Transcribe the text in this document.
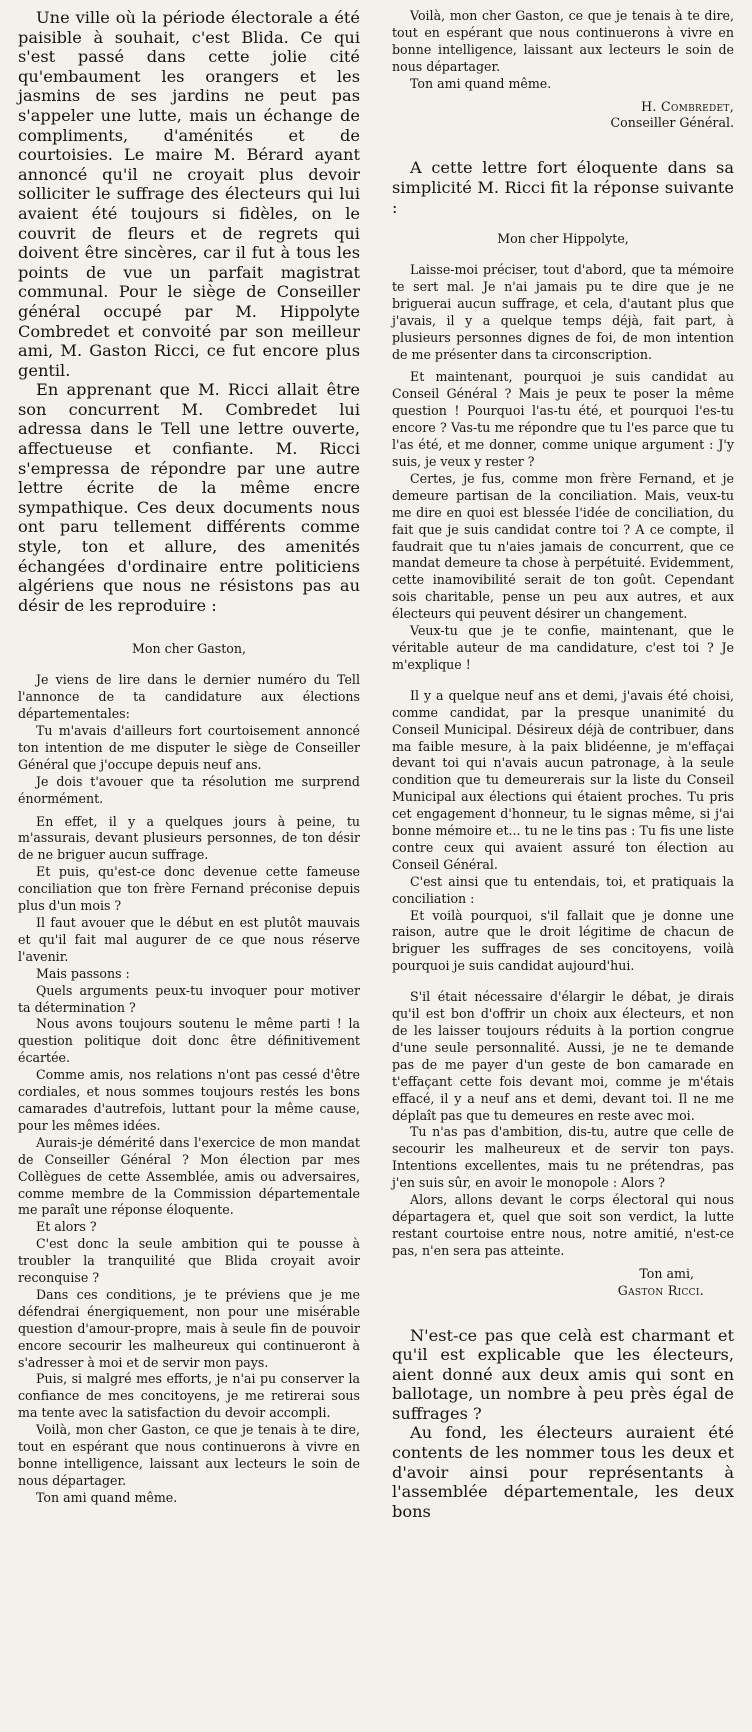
Une ville où la période électorale a été paisible à souhait, c'est Blida. Ce qui s'est passé dans cette jolie cité qu'embaument les orangers et les jasmins de ses jardins ne peut pas s'appeler une lutte, mais un échange de compliments, d'aménités et de courtoisies. Le maire M. Bérard ayant annoncé qu'il ne croyait plus devoir solliciter le suffrage des électeurs qui lui avaient été toujours si fidèles, on le couvrit de fleurs et de regrets qui doivent être sincères, car il fut à tous les points de vue un parfait magistrat communal. Pour le siège de Conseiller général occupé par M. Hippolyte Combredet et convoité par son meilleur ami, M. Gaston Ricci, ce fut encore plus gentil.

En apprenant que M. Ricci allait être son concurrent M. Combredet lui adressa dans le Tell une lettre ouverte, affectueuse et confiante. M. Ricci s'empressa de répondre par une autre lettre écrite de la même encre sympathique. Ces deux documents nous ont paru tellement différents comme style, ton et allure, des amenités échangées d'ordinaire entre politiciens algériens que nous ne résistons pas au désir de les reproduire :

Mon cher Gaston,

Je viens de lire dans le dernier numéro du Tell l'annonce de ta candidature aux élections départementales:

Tu m'avais d'ailleurs fort courtoisement annoncé ton intention de me disputer le siège de Conseiller Général que j'occupe depuis neuf ans.

Je dois t'avouer que ta résolution me surprend énormément.

En effet, il y a quelques jours à peine, tu m'assurais, devant plusieurs personnes, de ton désir de ne briguer aucun suffrage.

Et puis, qu'est-ce donc devenue cette fameuse conciliation que ton frère Fernand préconise depuis plus d'un mois ?

Il faut avouer que le début en est plutôt mauvais et qu'il fait mal augurer de ce que nous réserve l'avenir.

Mais passons :

Quels arguments peux-tu invoquer pour motiver ta détermination ?

Nous avons toujours soutenu le même parti ! la question politique doit donc être définitivement écartée.

Comme amis, nos relations n'ont pas cessé d'être cordiales, et nous sommes toujours restés les bons camarades d'autrefois, luttant pour la même cause, pour les mêmes idées.

Aurais-je démérité dans l'exercice de mon mandat de Conseiller Général ? Mon élection par mes Collègues de cette Assemblée, amis ou adversaires, comme membre de la Commission départementale me paraît une réponse éloquente.

Et alors ?

C'est donc la seule ambition qui te pousse à troubler la tranquilité que Blida croyait avoir reconquise ?

Dans ces conditions, je te préviens que je me défendrai énergiquement, non pour une misérable question d'amour-propre, mais à seule fin de pouvoir encore secourir les malheureux qui continueront à s'adresser à moi et de servir mon pays.

Puis, si malgré mes efforts, je n'ai pu conserver la confiance de mes concitoyens, je me retirerai sous ma tente avec la satisfaction du devoir accompli.

Voilà, mon cher Gaston, ce que je tenais à te dire, tout en espérant que nous continuerons à vivre en bonne intelligence, laissant aux lecteurs le soin de nous départager.

Ton ami quand même.

Voilà, mon cher Gaston, ce que je tenais à te dire, tout en espérant que nous continuerons à vivre en bonne intelligence, laissant aux lecteurs le soin de nous départager.

Ton ami quand même.

H. Combredet,

Conseiller Général.

A cette lettre fort éloquente dans sa simplicité M. Ricci fit la réponse suivante :

Mon cher Hippolyte,

Laisse-moi préciser, tout d'abord, que ta mémoire te sert mal. Je n'ai jamais pu te dire que je ne briguerai aucun suffrage, et cela, d'autant plus que j'avais, il y a quelque temps déjà, fait part, à plusieurs personnes dignes de foi, de mon intention de me présenter dans ta circonscription.

Et maintenant, pourquoi je suis candidat au Conseil Général ? Mais je peux te poser la même question ! Pourquoi l'as-tu été, et pourquoi l'es-tu encore ? Vas-tu me répondre que tu l'es parce que tu l'as été, et me donner, comme unique argument : J'y suis, je veux y rester ?

Certes, je fus, comme mon frère Fernand, et je demeure partisan de la conciliation. Mais, veux-tu me dire en quoi est blessée l'idée de conciliation, du fait que je suis candidat contre toi ? A ce compte, il faudrait que tu n'aies jamais de concurrent, que ce mandat demeure ta chose à perpétuité. Evidemment, cette inamovibilité serait de ton goût. Cependant sois charitable, pense un peu aux autres, et aux électeurs qui peuvent désirer un changement.

Veux-tu que je te confie, maintenant, que le véritable auteur de ma candidature, c'est toi ? Je m'explique !

Il y a quelque neuf ans et demi, j'avais été choisi, comme candidat, par la presque unanimité du Conseil Municipal. Désireux déjà de contribuer, dans ma faible mesure, à la paix blidéenne, je m'effaçai devant toi qui n'avais aucun patronage, à la seule condition que tu demeurerais sur la liste du Conseil Municipal aux élections qui étaient proches. Tu pris cet engagement d'honneur, tu le signas même, si j'ai bonne mémoire et... tu ne le tins pas : Tu fis une liste contre ceux qui avaient assuré ton élection au Conseil Général.

C'est ainsi que tu entendais, toi, et pratiquais la conciliation :

Et voilà pourquoi, s'il fallait que je donne une raison, autre que le droit légitime de chacun de briguer les suffrages de ses concitoyens, voilà pourquoi je suis candidat aujourd'hui.

S'il était nécessaire d'élargir le débat, je dirais qu'il est bon d'offrir un choix aux électeurs, et non de les laisser toujours réduits à la portion congrue d'une seule personnalité. Aussi, je ne te demande pas de me payer d'un geste de bon camarade en t'effaçant cette fois devant moi, comme je m'étais effacé, il y a neuf ans et demi, devant toi. Il ne me déplaît pas que tu demeures en reste avec moi.

Tu n'as pas d'ambition, dis-tu, autre que celle de secourir les malheureux et de servir ton pays. Intentions excellentes, mais tu ne prétendras, pas j'en suis sûr, en avoir le monopole : Alors ?

Alors, allons devant le corps électoral qui nous départagera et, quel que soit son verdict, la lutte restant courtoise entre nous, notre amitié, n'est-ce pas, n'en sera pas atteinte.

Ton ami,

Gaston Ricci.

N'est-ce pas que celà est charmant et qu'il est explicable que les électeurs, aient donné aux deux amis qui sont en ballotage, un nombre à peu près égal de suffrages ?

Au fond, les électeurs auraient été contents de les nommer tous les deux et d'avoir ainsi pour représentants à l'assemblée départementale, les deux bons
